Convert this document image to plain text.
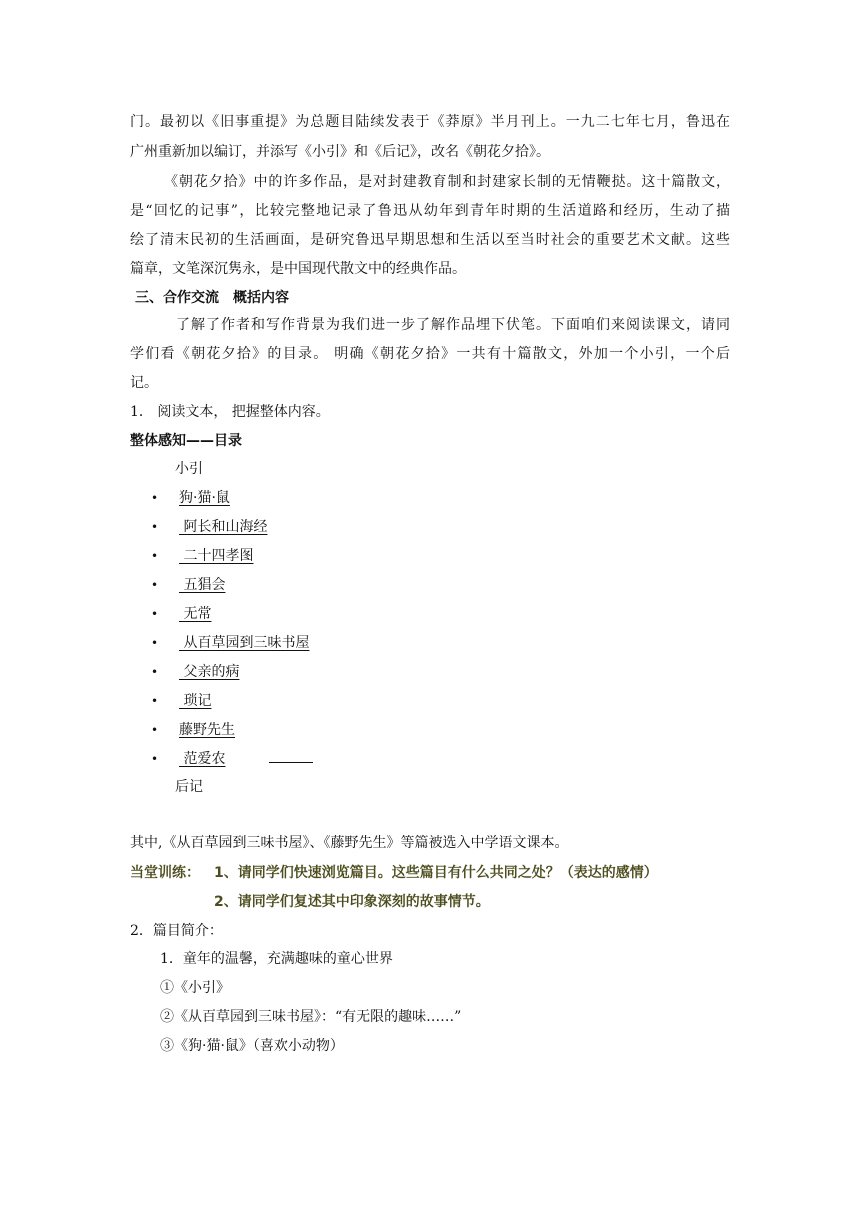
门。最初以《旧事重提》为总题目陆续发表于《莽原》半月刊上。一九二七年七月，鲁迅在
广州重新加以编订，并添写《小引》和《后记》，改名《朝花夕拾》。
《朝花夕拾》中的许多作品，是对封建教育制和封建家长制的无情鞭挞。这十篇散文，
是“回忆的记事”，比较完整地记录了鲁迅从幼年到青年时期的生活道路和经历，生动了描
绘了清末民初的生活画面，是研究鲁迅早期思想和生活以至当时社会的重要艺术文献。这些
篇章，文笔深沉隽永，是中国现代散文中的经典作品。
三、合作交流　概括内容
了解了作者和写作背景为我们进一步了解作品埋下伏笔。下面咱们来阅读课文，请同
学们看《朝花夕拾》的目录。 明确《朝花夕拾》一共有十篇散文，外加一个小引，一个后
记。
1． 阅读文本， 把握整体内容。
整体感知——目录
小引
• 狗·猫·鼠
• 阿长和山海经
• 二十四孝图
• 五猖会
• 无常
• 从百草园到三味书屋
• 父亲的病
• 琐记
• 藤野先生
• 范爱农
后记
其中,《从百草园到三味书屋》、《藤野先生》等篇被选入中学语文课本。
当堂训练： 1、请同学们快速浏览篇目。这些篇目有什么共同之处？（表达的感情）
2、请同学们复述其中印象深刻的故事情节。
2．篇目简介：
1．童年的温馨，充满趣味的童心世界
①《小引》
②《从百草园到三味书屋》：“有无限的趣味……”
③《狗·猫·鼠》（喜欢小动物）
